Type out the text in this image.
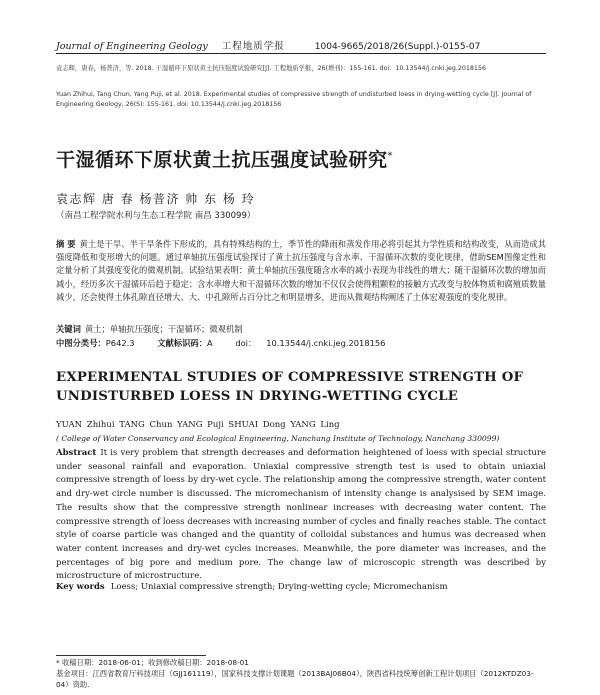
Journal of Engineering Geology 工程地质学报	1004-9665/2018/26(Suppl.)-0155-07
袁志辉，唐春，杨普济，等. 2018. 干湿循环下原状黄土抗压强度试验研究[J]. 工程地质学报，26(增刊)：155-161. doi：10.13544/j.cnki.jeg.2018156
Yuan Zhihui, Tang Chun, Yang Puji, et al. 2018. Experimental studies of compressive strength of undisturbed loess in drying-wetting cycle [J]. Journal of Engineering Geology, 26(S): 155-161. doi: 10.13544/j.cnki.jeg.2018156
干湿循环下原状黄土抗压强度试验研究*
袁志辉 唐 春 杨普济 帅 东 杨 玲
（南昌工程学院水利与生态工程学院 南昌 330099）
摘 要 黄土是干旱、半干旱条件下形成的，具有特殊结构的土，季节性的降雨和蒸发作用必将引起其力学性质和结构改变，从而造成其强度降低和变形增大的问题。通过单轴抗压强度试验探讨了黄土抗压强度与含水率、干湿循环次数的变化规律，借助SEM图像定性和定量分析了其强度变化的微观机制。试验结果表明：黄土单轴抗压强度随含水率的减小表现为非线性的增大；随干湿循环次数的增加而减小，经历多次干湿循环后趋于稳定；含水率增大和干湿循环次数的增加不仅仅会使得粗颗粒的接触方式改变与胶体物质和腐殖质数量减少，还会使得土体孔隙直径增大、大、中孔隙所占百分比之和明显增多，进而从微观结构阐述了土体宏观强度的变化规律。
关键词 黄土；单轴抗压强度；干湿循环；微观机制
中图分类号：P642.3	文献标识码：A	doi： 10.13544/j.cnki.jeg.2018156
EXPERIMENTAL STUDIES OF COMPRESSIVE STRENGTH OF UNDISTURBED LOESS IN DRYING-WETTING CYCLE
YUAN Zhihui TANG Chun YANG Puji SHUAI Dong YANG Ling
( College of Water Conservancy and Ecological Engineering, Nanchang Institute of Technology, Nanchang 330099)
Abstract It is very problem that strength decreases and deformation heightened of loess with special structure under seasonal rainfall and evaporation. Uniaxial compressive strength test is used to obtain uniaxial compressive strength of loess by dry-wet cycle. The relationship among the compressive strength, water content and dry-wet circle number is discussed. The micromechanism of intensity change is analysised by SEM image. The results show that the compressive strength nonlinear increases with decreasing water content. The compressive strength of loess decreases with increasing number of cycles and finally reaches stable. The contact style of coarse particle was changed and the quantity of colloidal substances and humus was decreased when water content increases and dry-wet cycles increases. Meanwhile, the pore diameter was increases, and the percentages of big pore and medium pore. The change law of microscopic strength was described by microstructure of microstructure.
Key words Loess; Uniaxial compressive strength; Drying-wetting cycle; Micromechanism
* 收稿日期：2018-06-01；收到修改稿日期：2018-08-01
基金项目：江西省教育厅科技项目（GJJ161119），国家科技支撑计划课题（2013BAJ06B04），陕西省科技统筹创新工程计划项目（2012KTDZ03-04）资助.
